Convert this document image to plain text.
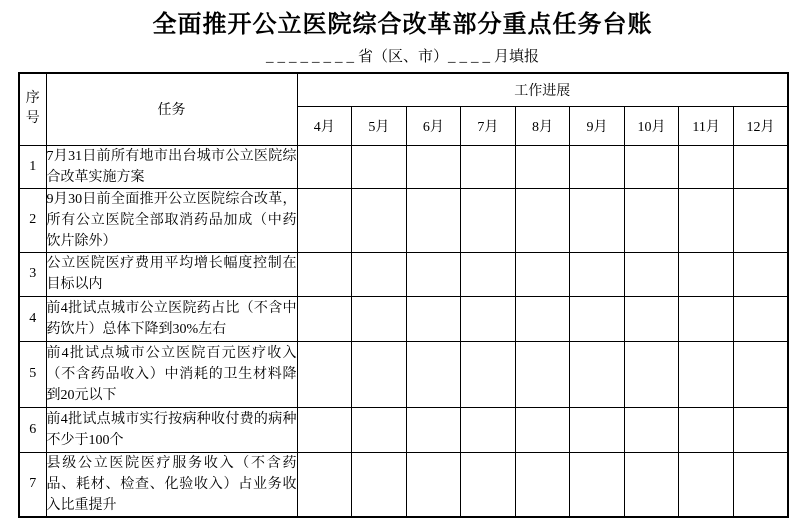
全面推开公立医院综合改革部分重点任务台账
________省（区、市）____月填报
序号	任务	工作进展								
		4月	5月	6月	7月	8月	9月	10月	11月	12月
1	7月31日前所有地市出台城市公立医院综合改革实施方案									
2	9月30日前全面推开公立医院综合改革，所有公立医院全部取消药品加成（中药饮片除外）									
3	公立医院医疗费用平均增长幅度控制在目标以内									
4	前4批试点城市公立医院药占比（不含中药饮片）总体下降到30%左右									
5	前4批试点城市公立医院百元医疗收入（不含药品收入）中消耗的卫生材料降到20元以下									
6	前4批试点城市实行按病种收付费的病种不少于100个									
7	县级公立医院医疗服务收入（不含药品、耗材、检查、化验收入）占业务收入比重提升									
